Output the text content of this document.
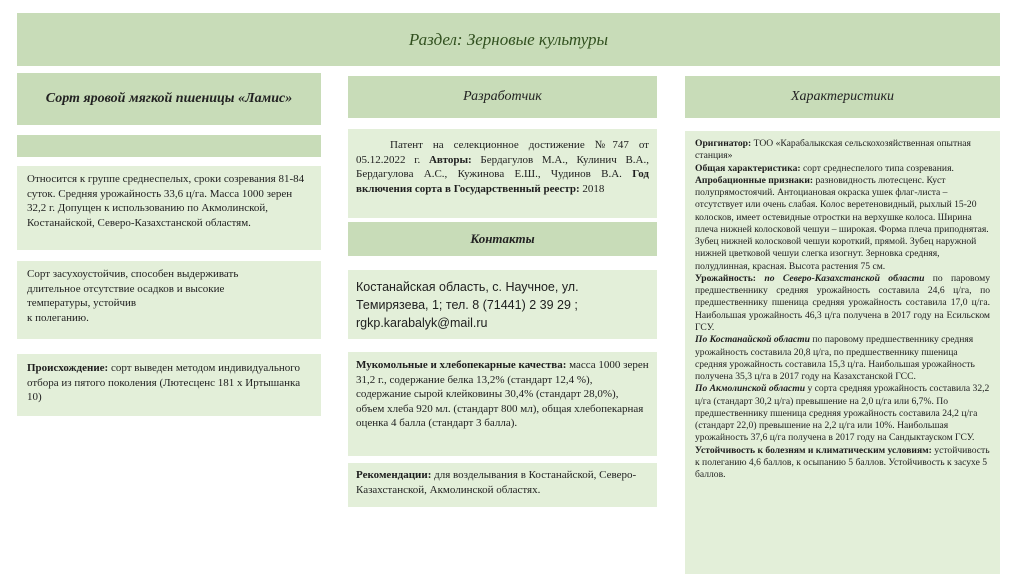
Раздел: Зерновые культуры
Сорт яровой мягкой пшеницы «Ламис»
Относится к группе среднеспелых, сроки созревания 81-84 суток. Средняя урожайность 33,6 ц/га. Масса 1000 зерен 32,2 г. Допущен к использованию по Акмолинской, Костанайской, Северо-Казахстанской областям.
Сорт засухоустойчив, способен выдерживать
длительное отсутствие осадков и высокие
температуры, устойчив
к полеганию.
Происхождение: сорт выведен методом индивидуального отбора из пятого поколения (Лютесценс 181 х Иртышанка 10)
Разработчик
Патент на селекционное достижение №747 от 05.12.2022 г. Авторы: Бердагулов М.А., Кулинич В.А., Бердагулова А.С., Кужинова Е.Ш., Чудинов В.А. Год включения сорта в Государственный реестр: 2018
Контакты
Костанайская область, с. Научное, ул.
Темирязева, 1; тел. 8 (71441) 2 39 29 ;
rgkp.karabalyk@mail.ru
Мукомольные и хлебопекарные качества: масса 1000 зерен 31,2 г., содержание белка 13,2% (стандарт 12,4 %), содержание сырой клейковины 30,4% (стандарт 28,0%), объем хлеба 920 мл. (стандарт 800 мл), общая хлебопекарная оценка 4 балла (стандарт 3 балла).
Рекомендации: для возделывания в Костанайской, Северо-Казахстанской, Акмолинской областях.
Характеристики
Оригинатор: ТОО «Карабалыкская сельскохозяйственная опытная станция»
Общая характеристика: сорт среднеспелого типа созревания.
Апробационные признаки: разновидность лютесценс. Куст полупрямостоячий. Антоциановая окраска ушек флаг-листа – отсутствует или очень слабая. Колос веретеновидный, рыхлый 15-20 колосков, имеет остевидные отростки на верхушке колоса. Ширина плеча нижней колосковой чешуи – широкая. Форма плеча приподнятая. Зубец нижней колосковой чешуи короткий, прямой. Зубец наружной нижней цветковой чешуи слегка изогнут. Зерновка средняя, полудлинная, красная. Высота растения 75 см.
Урожайность: по Северо-Казахстанской области по паровому предшественнику средняя урожайность составила 24,6 ц/га, по предшественнику пшеница средняя урожайность составила 17,0 ц/га. Наибольшая урожайность 46,3 ц/га получена в 2017 году на Есильском ГСУ.
По Костанайской области по паровому предшественнику средняя урожайность составила 20,8 ц/га, по предшественнику пшеница средняя урожайность составила 15,3 ц/га. Наибольшая урожайность получена 35,3 ц/га в 2017 году на Казахстанской ГСС.
По Акмолинской области у сорта средняя урожайность составила 32,2 ц/га (стандарт 30,2 ц/га) превышение на 2,0 ц/га или 6,7%. По предшественнику пшеница средняя урожайность составила 24,2 ц/га (стандарт 22,0) превышение на 2,2 ц/га или 10%. Наибольшая урожайность 37,6 ц/га получена в 2017 году на Сандыктауском ГСУ.
Устойчивость к болезням и климатическим условиям: устойчивость к полеганию 4,6 баллов, к осыпанию 5 баллов. Устойчивость к засухе 5 баллов.
